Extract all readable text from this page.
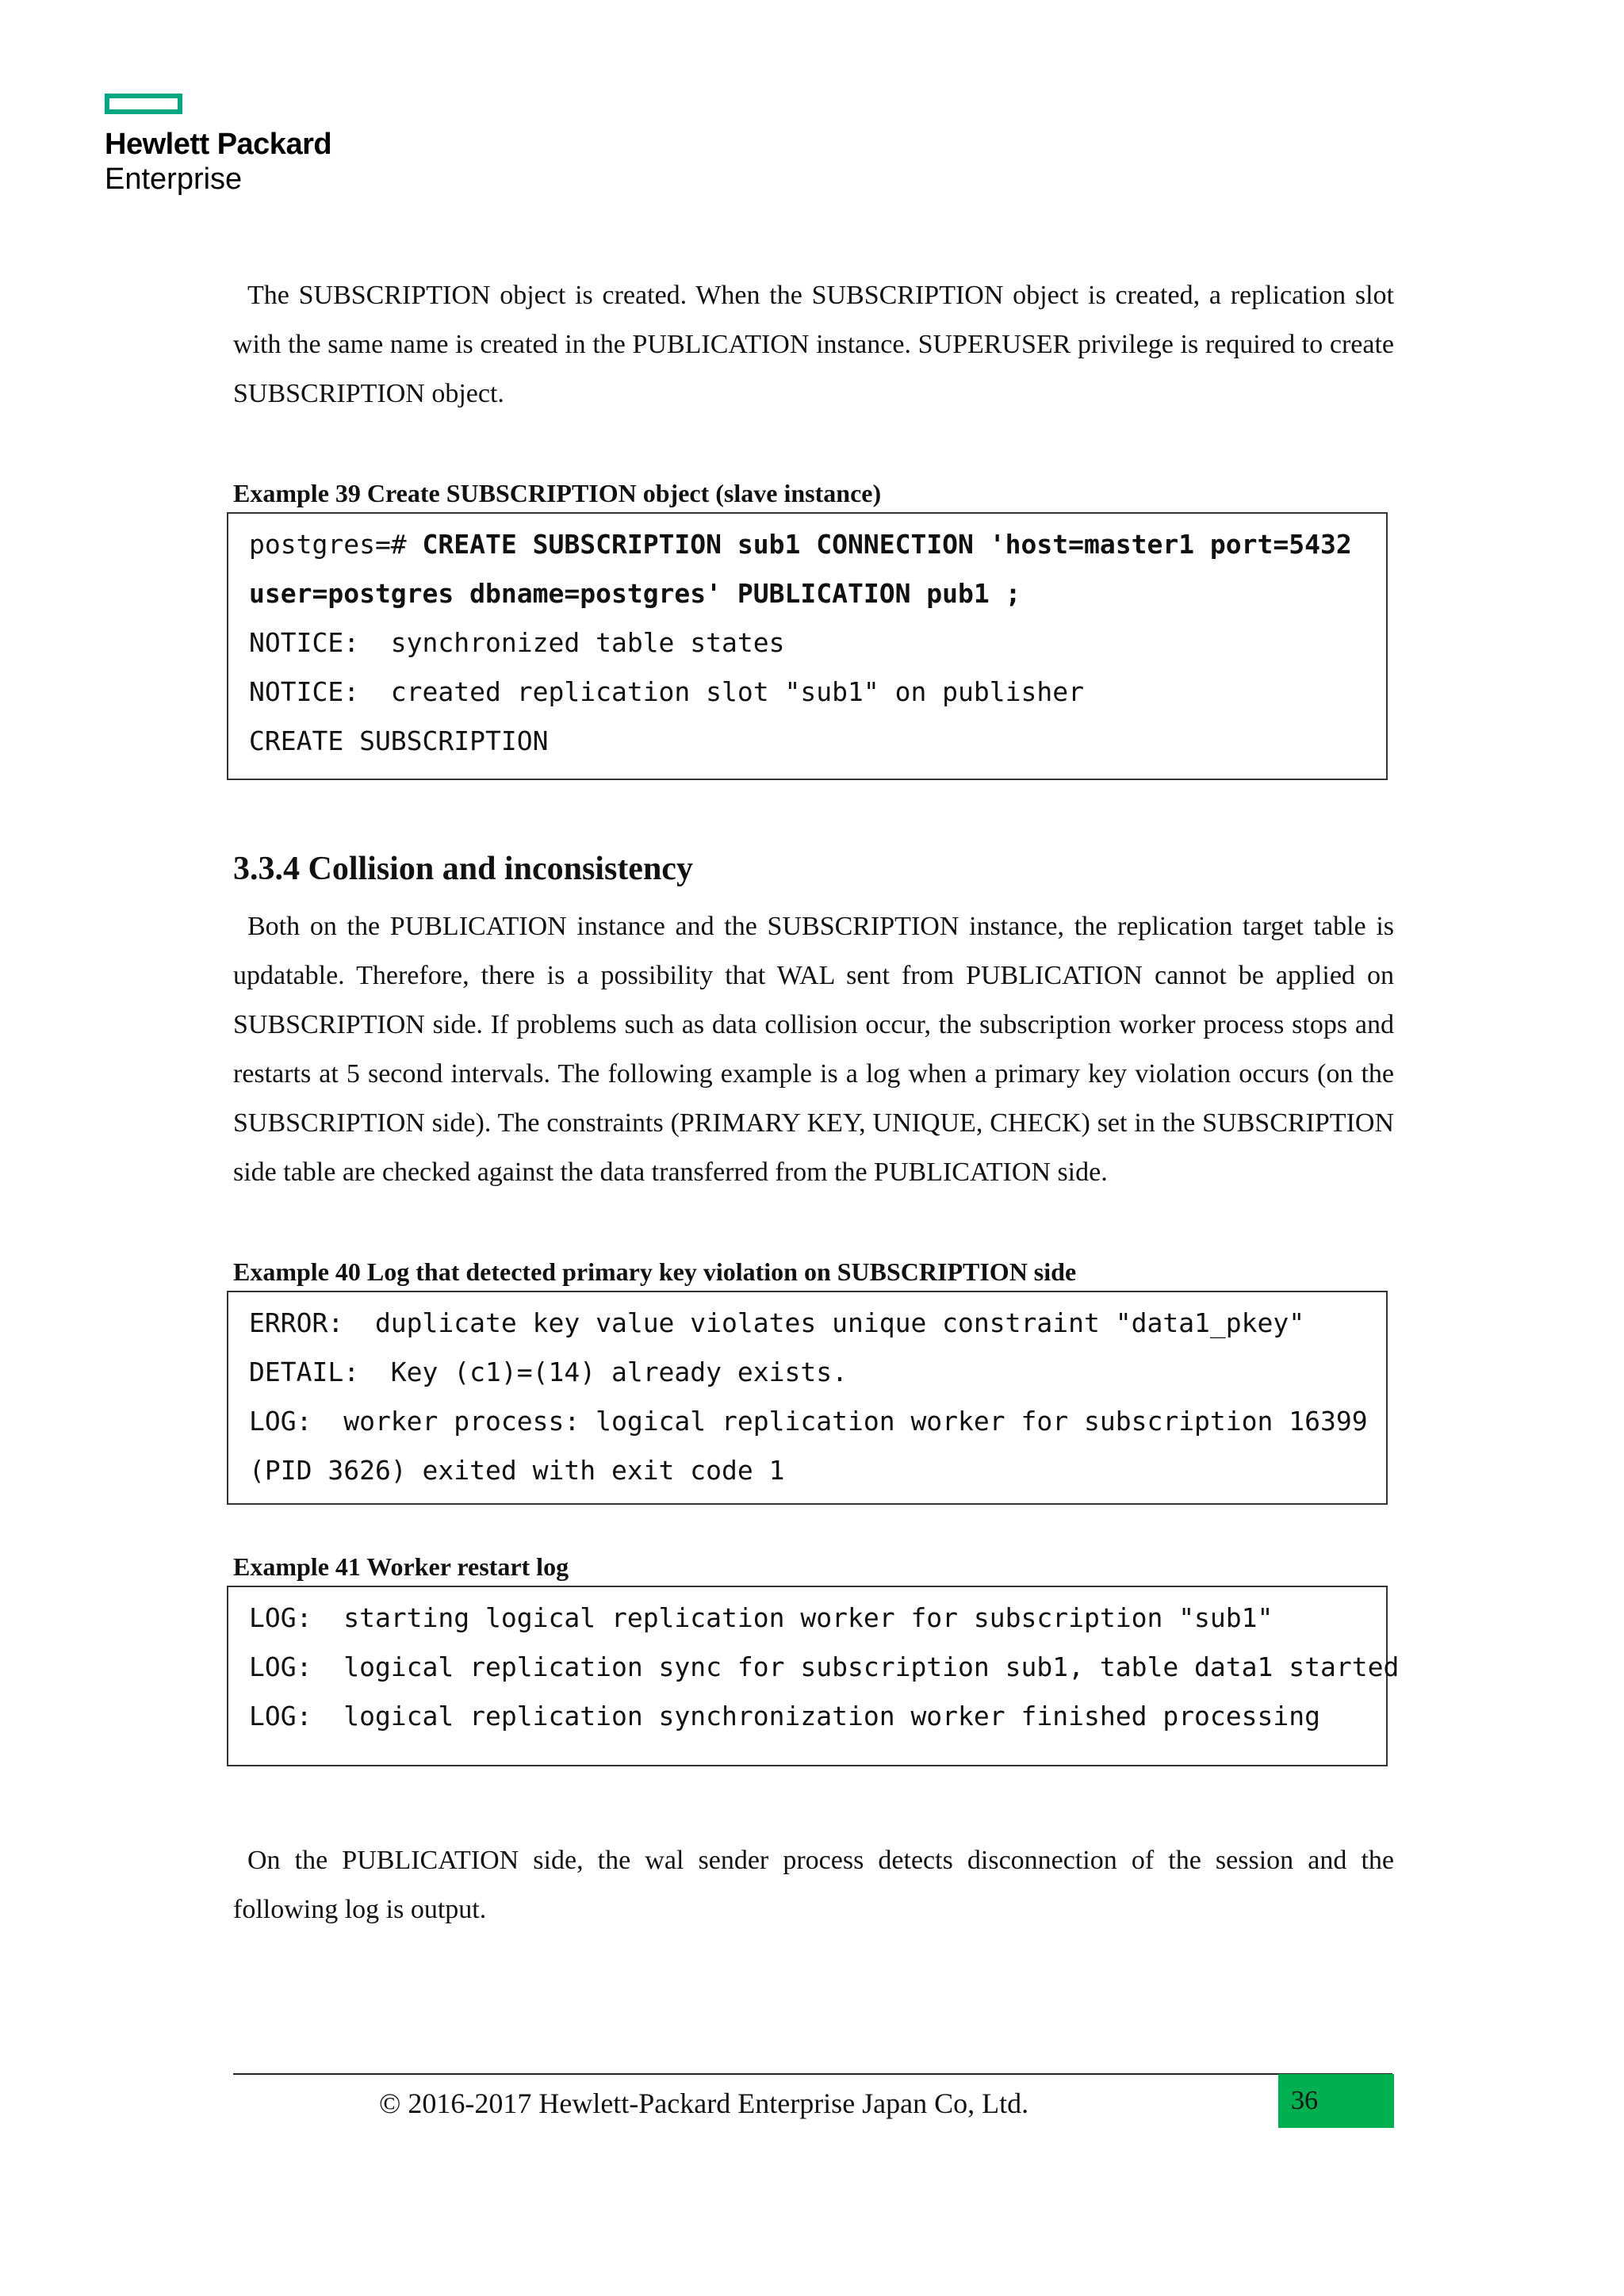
Hewlett Packard
Enterprise

The SUBSCRIPTION object is created. When the SUBSCRIPTION object is created, a replication slot with the same name is created in the PUBLICATION instance. SUPERUSER privilege is required to create SUBSCRIPTION object.

Example 39 Create SUBSCRIPTION object (slave instance)

postgres=# CREATE SUBSCRIPTION sub1 CONNECTION 'host=master1 port=5432
user=postgres dbname=postgres' PUBLICATION pub1 ;
NOTICE:  synchronized table states
NOTICE:  created replication slot "sub1" on publisher
CREATE SUBSCRIPTION
3.3.4 Collision and inconsistency

Both on the PUBLICATION instance and the SUBSCRIPTION instance, the replication target table is updatable. Therefore, there is a possibility that WAL sent from PUBLICATION cannot be applied on SUBSCRIPTION side. If problems such as data collision occur, the subscription worker process stops and restarts at 5 second intervals. The following example is a log when a primary key violation occurs (on the SUBSCRIPTION side). The constraints (PRIMARY KEY, UNIQUE, CHECK) set in the SUBSCRIPTION side table are checked against the data transferred from the PUBLICATION side.

Example 40 Log that detected primary key violation on SUBSCRIPTION side

ERROR:  duplicate key value violates unique constraint "data1_pkey"
DETAIL:  Key (c1)=(14) already exists.
LOG:  worker process: logical replication worker for subscription 16399
(PID 3626) exited with exit code 1

Example 41 Worker restart log

LOG:  starting logical replication worker for subscription "sub1"
LOG:  logical replication sync for subscription sub1, table data1 started
LOG:  logical replication synchronization worker finished processing

On the PUBLICATION side, the wal sender process detects disconnection of the session and the following log is output.

© 2016-2017 Hewlett-Packard Enterprise Japan Co, Ltd.	36
